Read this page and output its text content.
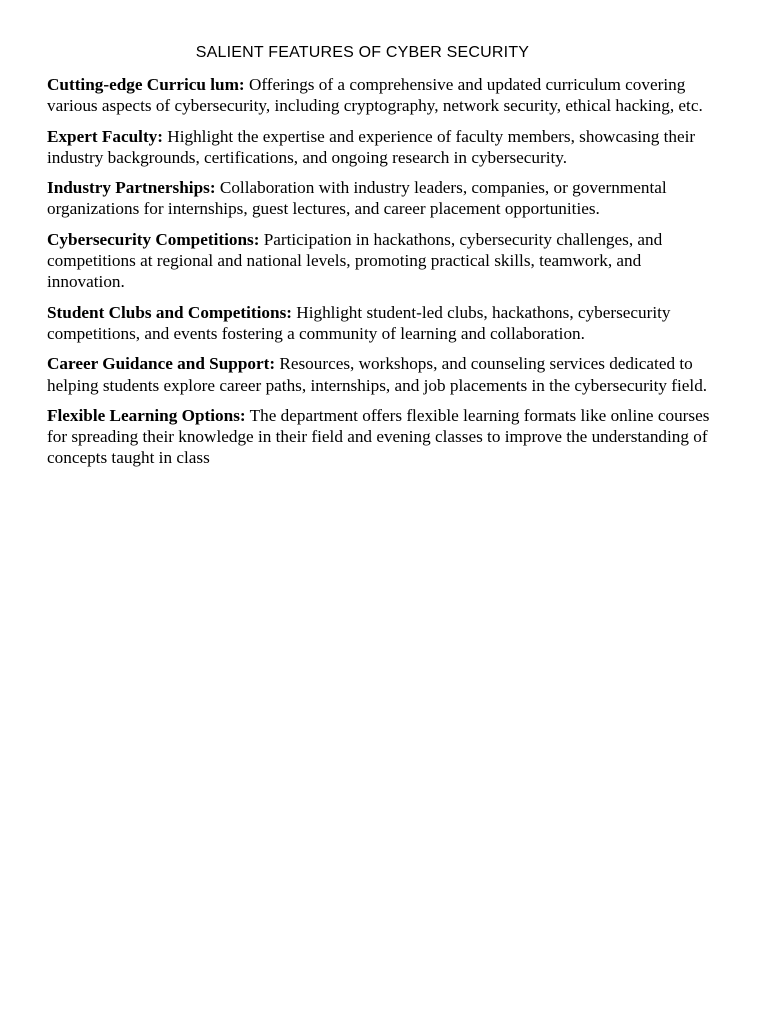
SALIENT FEATURES OF CYBER SECURITY

Cutting-edge Curricu lum: Offerings of a comprehensive and updated curriculum covering various aspects of cybersecurity, including cryptography, network security, ethical hacking, etc.

Expert Faculty: Highlight the expertise and experience of faculty members, showcasing their industry backgrounds, certifications, and ongoing research in cybersecurity.

Industry Partnerships: Collaboration with industry leaders, companies, or governmental organizations for internships, guest lectures, and career placement opportunities.

Cybersecurity Competitions: Participation in hackathons, cybersecurity challenges, and competitions at regional and national levels, promoting practical skills, teamwork, and innovation.

Student Clubs and Competitions: Highlight student-led clubs, hackathons, cybersecurity competitions, and events fostering a community of learning and collaboration.

Career Guidance and Support: Resources, workshops, and counseling services dedicated to helping students explore career paths, internships, and job placements in the cybersecurity field.

Flexible Learning Options: The department offers flexible learning formats like online courses for spreading their knowledge in their field and evening classes to improve the understanding of concepts taught in class
